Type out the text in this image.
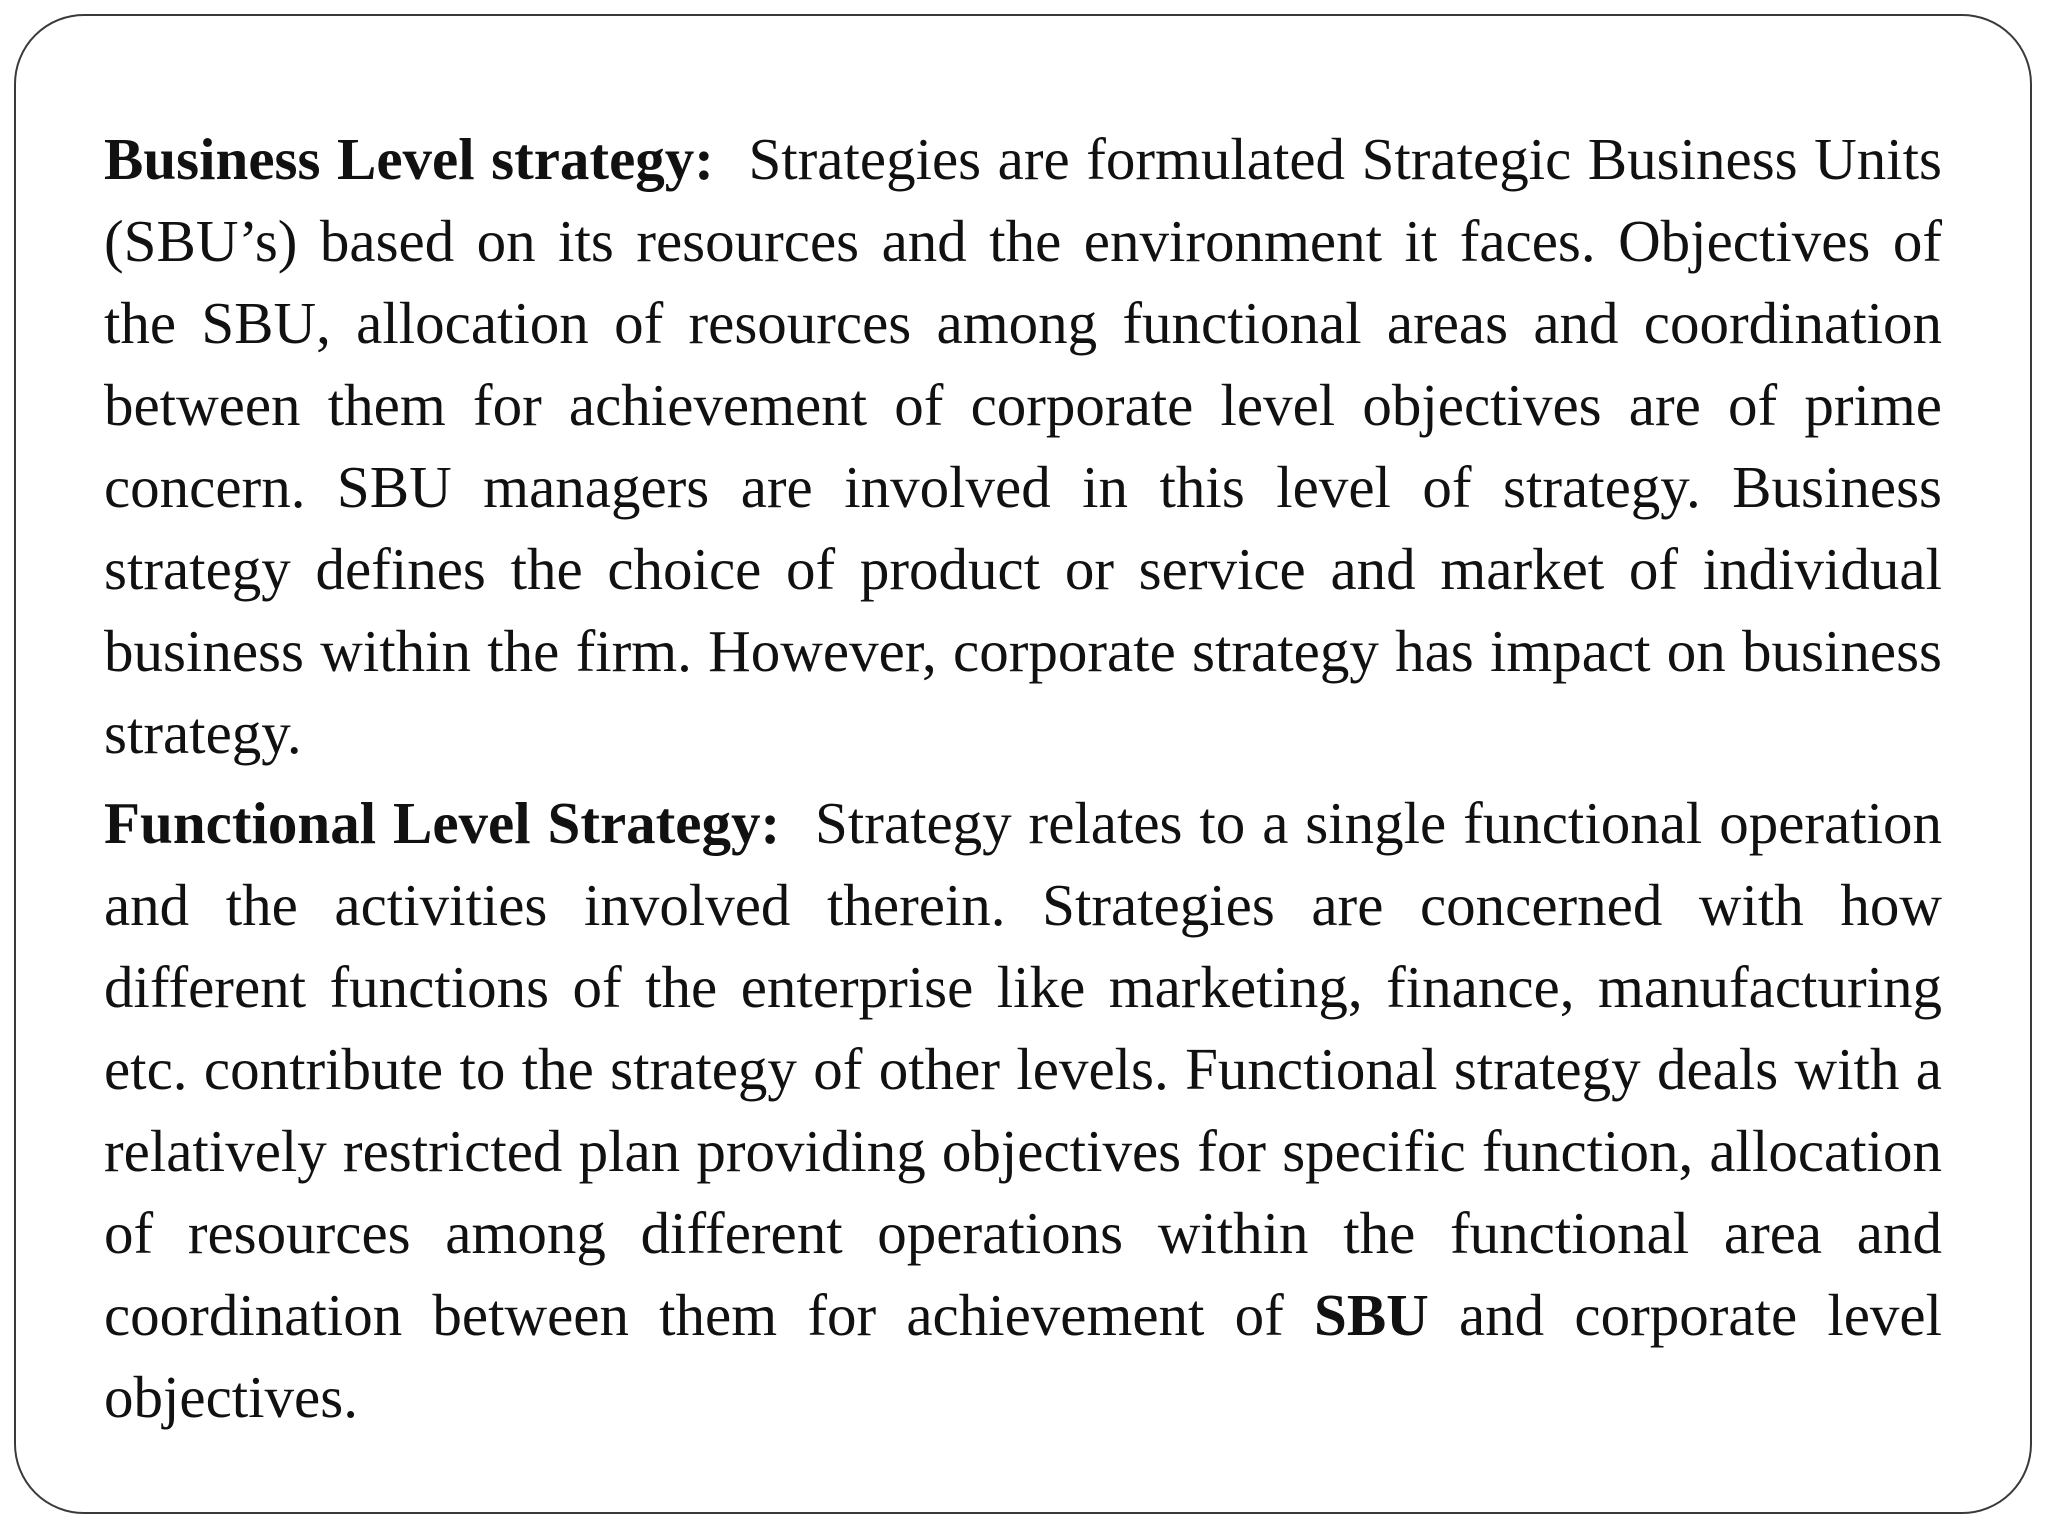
Business Level strategy: Strategies are formulated Strategic Business Units (SBU’s) based on its resources and the environment it faces. Objectives of the SBU, allocation of resources among functional areas and coordination between them for achievement of corporate level objectives are of prime concern. SBU managers are involved in this level of strategy. Business strategy defines the choice of product or service and market of individual business within the firm. However, corporate strategy has impact on business strategy.

Functional Level Strategy: Strategy relates to a single functional operation and the activities involved therein. Strategies are concerned with how different functions of the enterprise like marketing, finance, manufacturing etc. contribute to the strategy of other levels. Functional strategy deals with a relatively restricted plan providing objectives for specific function, allocation of resources among different operations within the functional area and coordination between them for achievement of SBU and corporate level objectives.
